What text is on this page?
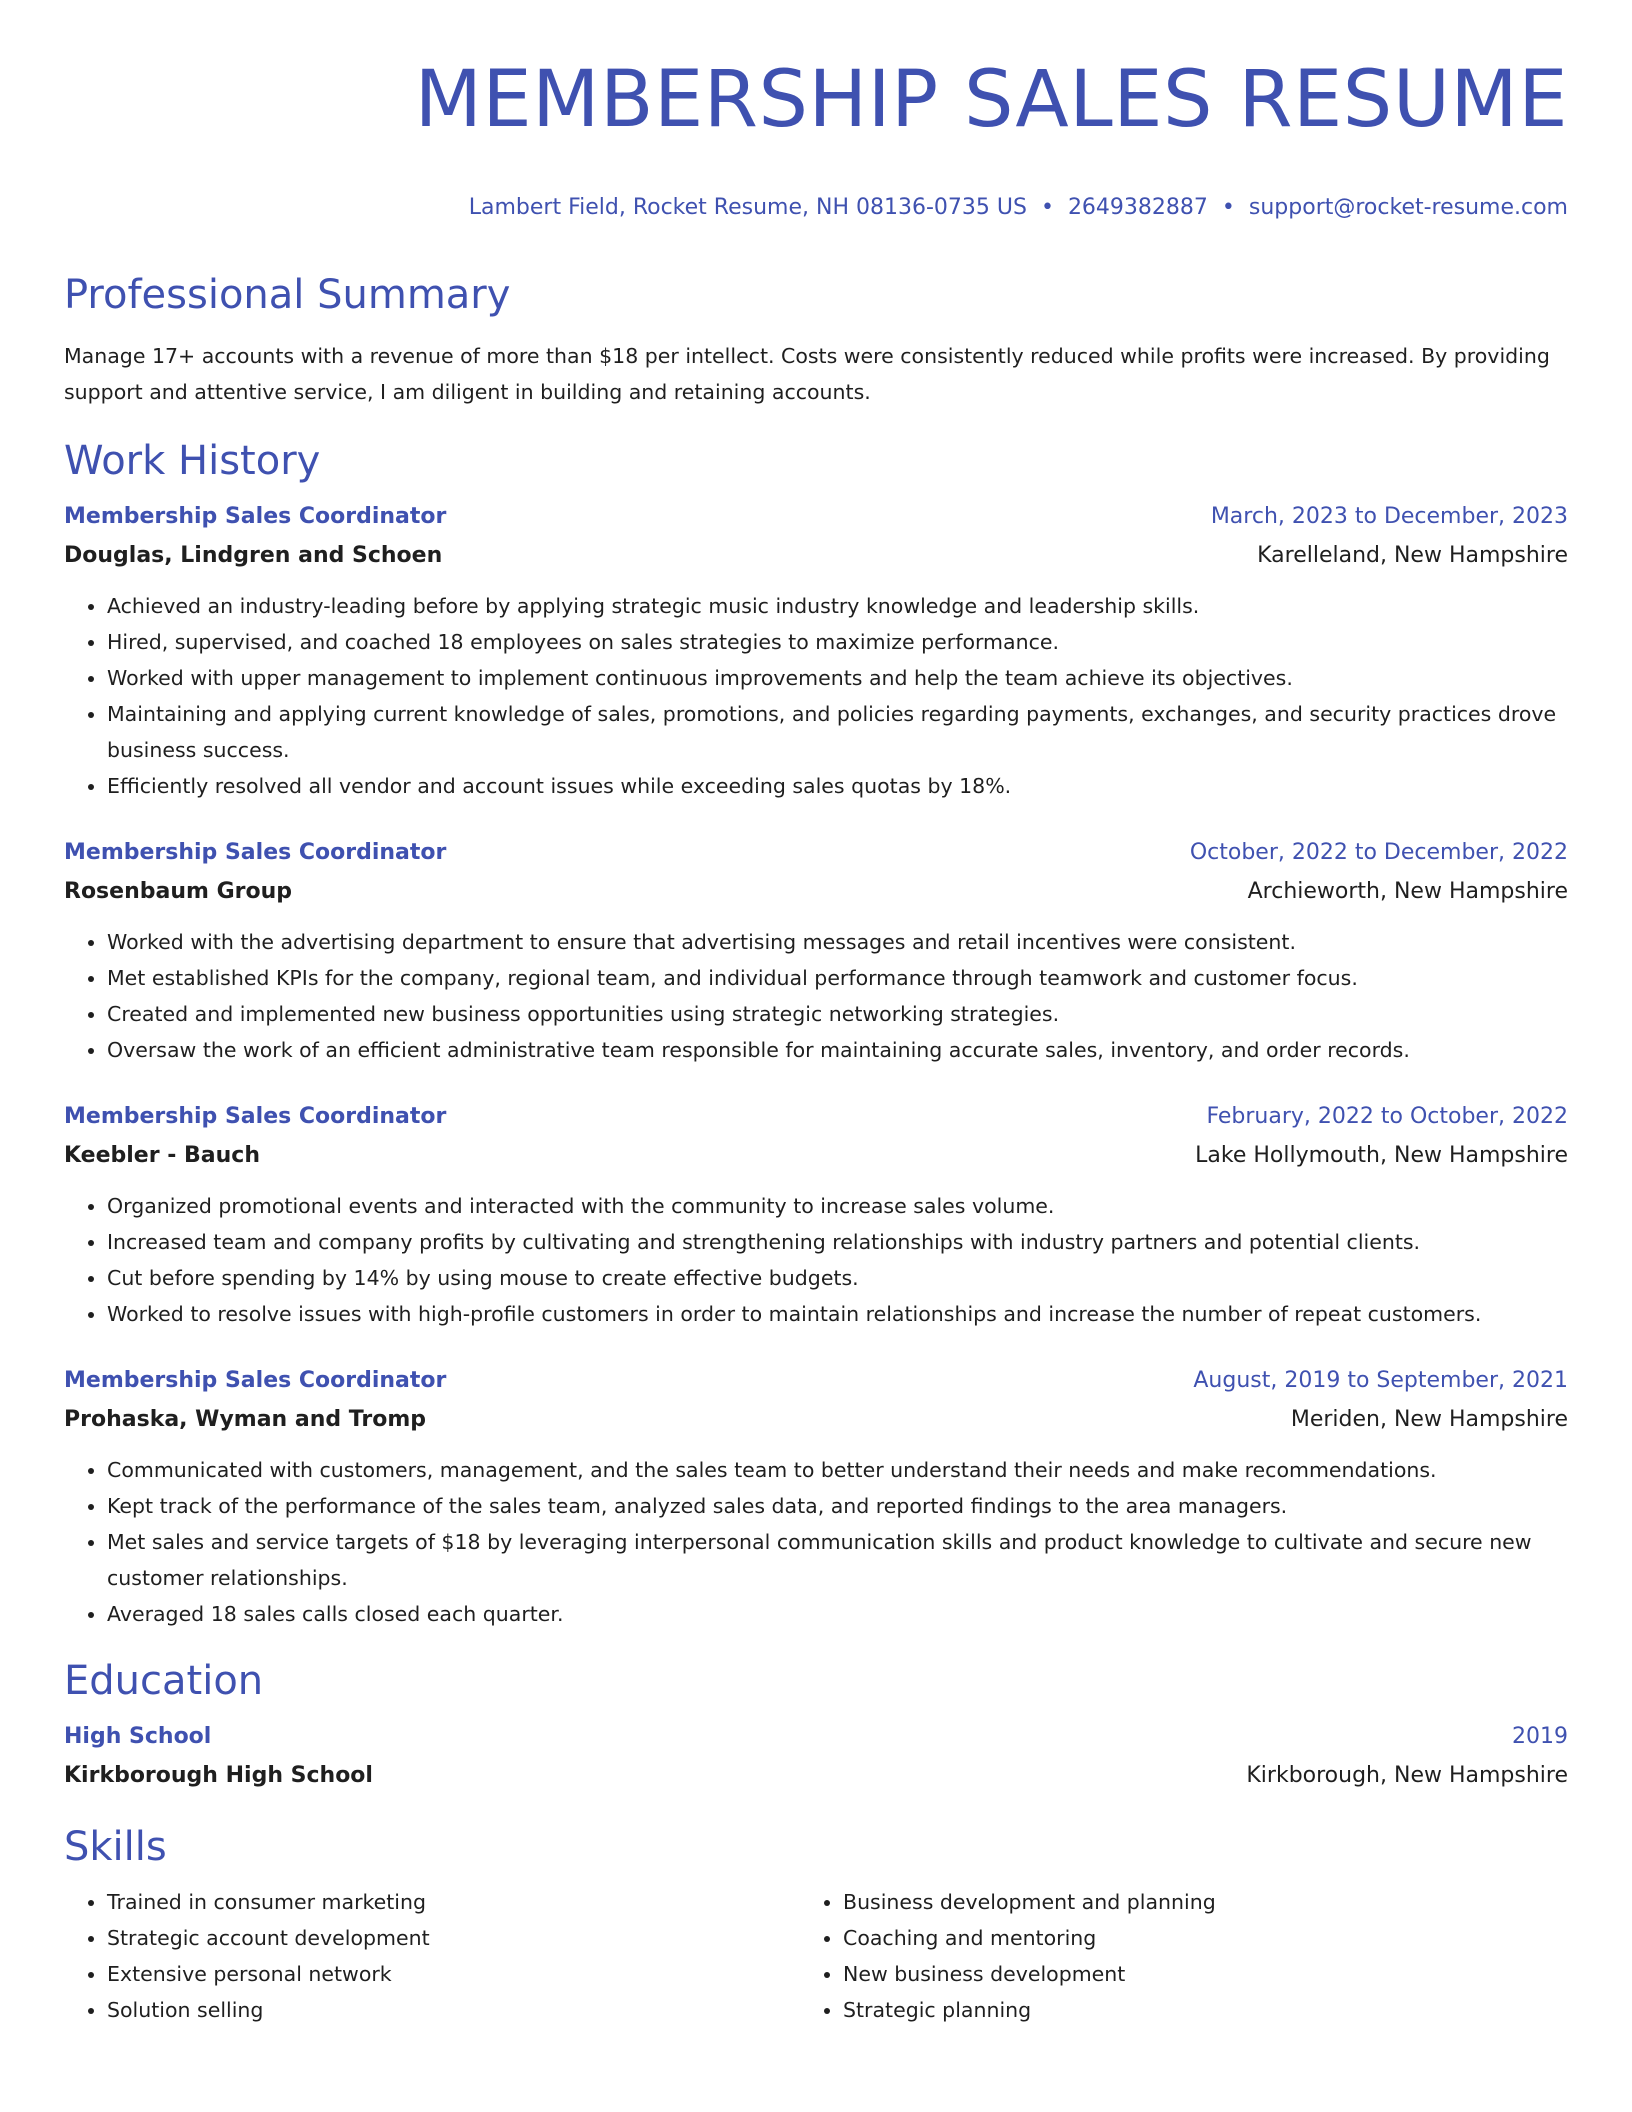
MEMBERSHIP SALES RESUME
Lambert Field, Rocket Resume, NH 08136-0735 US • 2649382887 • support@rocket-resume.com
Professional Summary
Manage 17+ accounts with a revenue of more than $18 per intellect. Costs were consistently reduced while profits were increased. By providing support and attentive service, I am diligent in building and retaining accounts.
Work History
Membership Sales Coordinator	March, 2023 to December, 2023
Douglas, Lindgren and Schoen	Karelleland, New Hampshire
• Achieved an industry-leading before by applying strategic music industry knowledge and leadership skills.
• Hired, supervised, and coached 18 employees on sales strategies to maximize performance.
• Worked with upper management to implement continuous improvements and help the team achieve its objectives.
• Maintaining and applying current knowledge of sales, promotions, and policies regarding payments, exchanges, and security practices drove business success.
• Efficiently resolved all vendor and account issues while exceeding sales quotas by 18%.
Membership Sales Coordinator	October, 2022 to December, 2022
Rosenbaum Group	Archieworth, New Hampshire
• Worked with the advertising department to ensure that advertising messages and retail incentives were consistent.
• Met established KPIs for the company, regional team, and individual performance through teamwork and customer focus.
• Created and implemented new business opportunities using strategic networking strategies.
• Oversaw the work of an efficient administrative team responsible for maintaining accurate sales, inventory, and order records.
Membership Sales Coordinator	February, 2022 to October, 2022
Keebler - Bauch	Lake Hollymouth, New Hampshire
• Organized promotional events and interacted with the community to increase sales volume.
• Increased team and company profits by cultivating and strengthening relationships with industry partners and potential clients.
• Cut before spending by 14% by using mouse to create effective budgets.
• Worked to resolve issues with high-profile customers in order to maintain relationships and increase the number of repeat customers.
Membership Sales Coordinator	August, 2019 to September, 2021
Prohaska, Wyman and Tromp	Meriden, New Hampshire
• Communicated with customers, management, and the sales team to better understand their needs and make recommendations.
• Kept track of the performance of the sales team, analyzed sales data, and reported findings to the area managers.
• Met sales and service targets of $18 by leveraging interpersonal communication skills and product knowledge to cultivate and secure new customer relationships.
• Averaged 18 sales calls closed each quarter.
Education
High School	2019
Kirkborough High School	Kirkborough, New Hampshire
Skills
• Trained in consumer marketing
• Strategic account development
• Extensive personal network
• Solution selling
• Business development and planning
• Coaching and mentoring
• New business development
• Strategic planning
